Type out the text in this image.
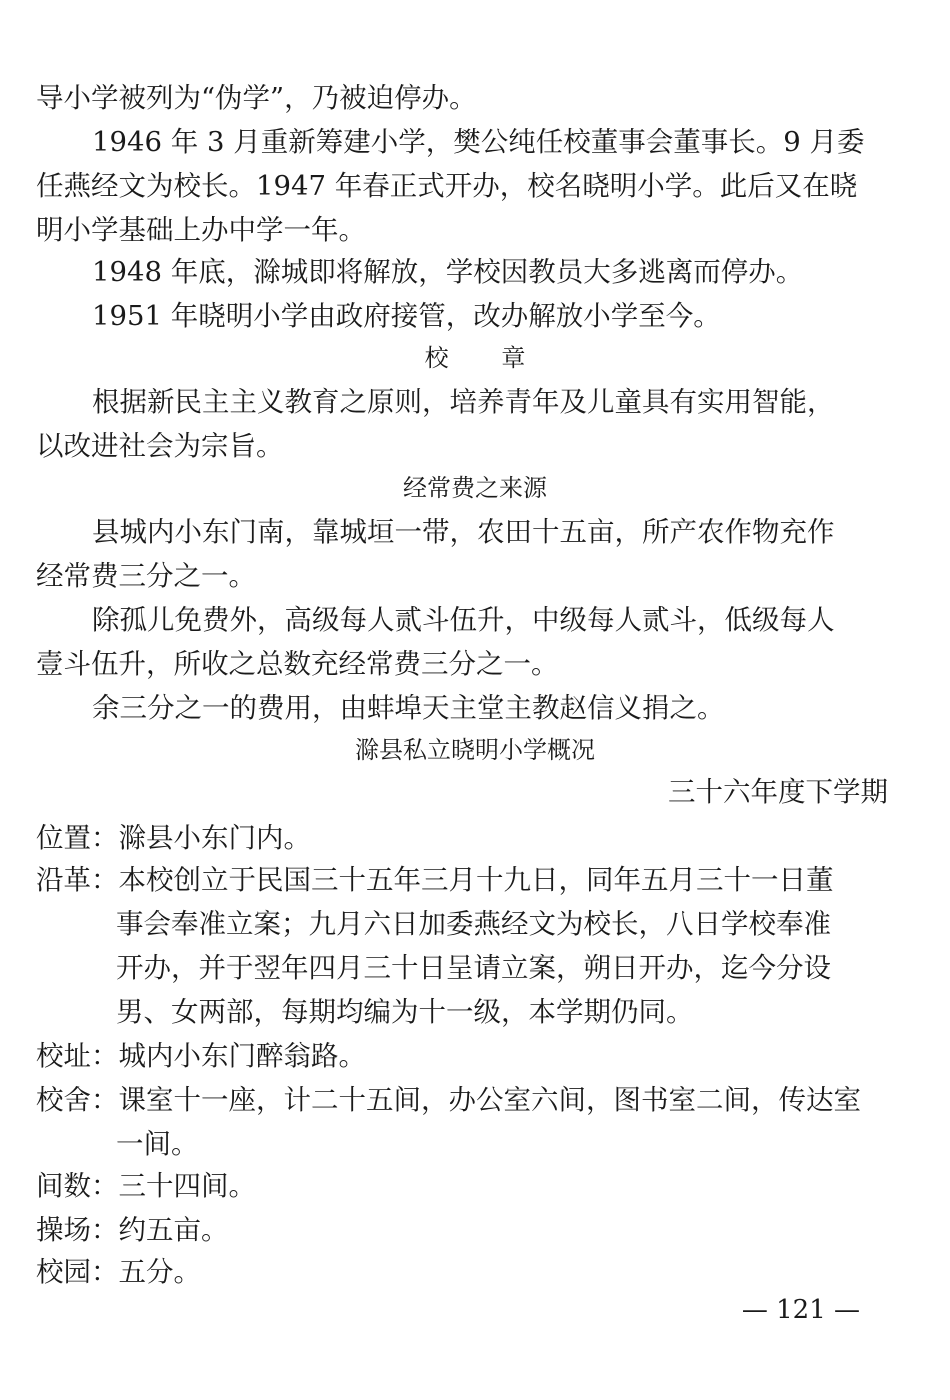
导小学被列为“伪学”，乃被迫停办。

1946 年 3 月重新筹建小学，樊公纯任校董事会董事长。9 月委

任燕经文为校长。1947 年春正式开办，校名晓明小学。此后又在晓

明小学基础上办中学一年。

1948 年底，滁城即将解放，学校因教员大多逃离而停办。

1951 年晓明小学由政府接管，改办解放小学至今。

校章

根据新民主主义教育之原则，培养青年及儿童具有实用智能，

以改进社会为宗旨。

经常费之来源

县城内小东门南，靠城垣一带，农田十五亩，所产农作物充作

经常费三分之一。

除孤儿免费外，高级每人贰斗伍升，中级每人贰斗，低级每人

壹斗伍升，所收之总数充经常费三分之一。

余三分之一的费用，由蚌埠天主堂主教赵信义捐之。

滁县私立晓明小学概况

三十六年度下学期

位置：滁县小东门内。

沿革：本校创立于民国三十五年三月十九日，同年五月三十一日董

事会奉准立案；九月六日加委燕经文为校长，八日学校奉准

开办，并于翌年四月三十日呈请立案，朔日开办，迄今分设

男、女两部，每期均编为十一级，本学期仍同。

校址：城内小东门醉翁路。

校舍：课室十一座，计二十五间，办公室六间，图书室二间，传达室

一间。

间数：三十四间。

操场：约五亩。

校园：五分。

— 121 —
